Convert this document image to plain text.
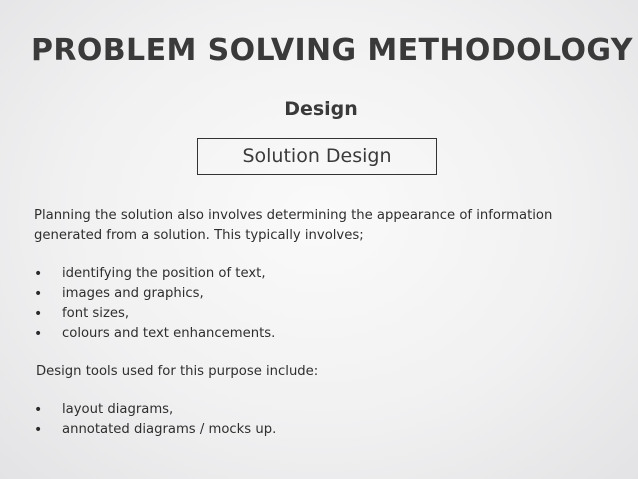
PROBLEM SOLVING METHODOLOGY
Design
Solution Design

Planning the solution also involves determining the appearance of information

generated from a solution. This typically involves;

• identifying the position of text,
• images and graphics,
• font sizes,
• colours and text enhancements.

Design tools used for this purpose include:

• layout diagrams,
• annotated diagrams / mocks up.
